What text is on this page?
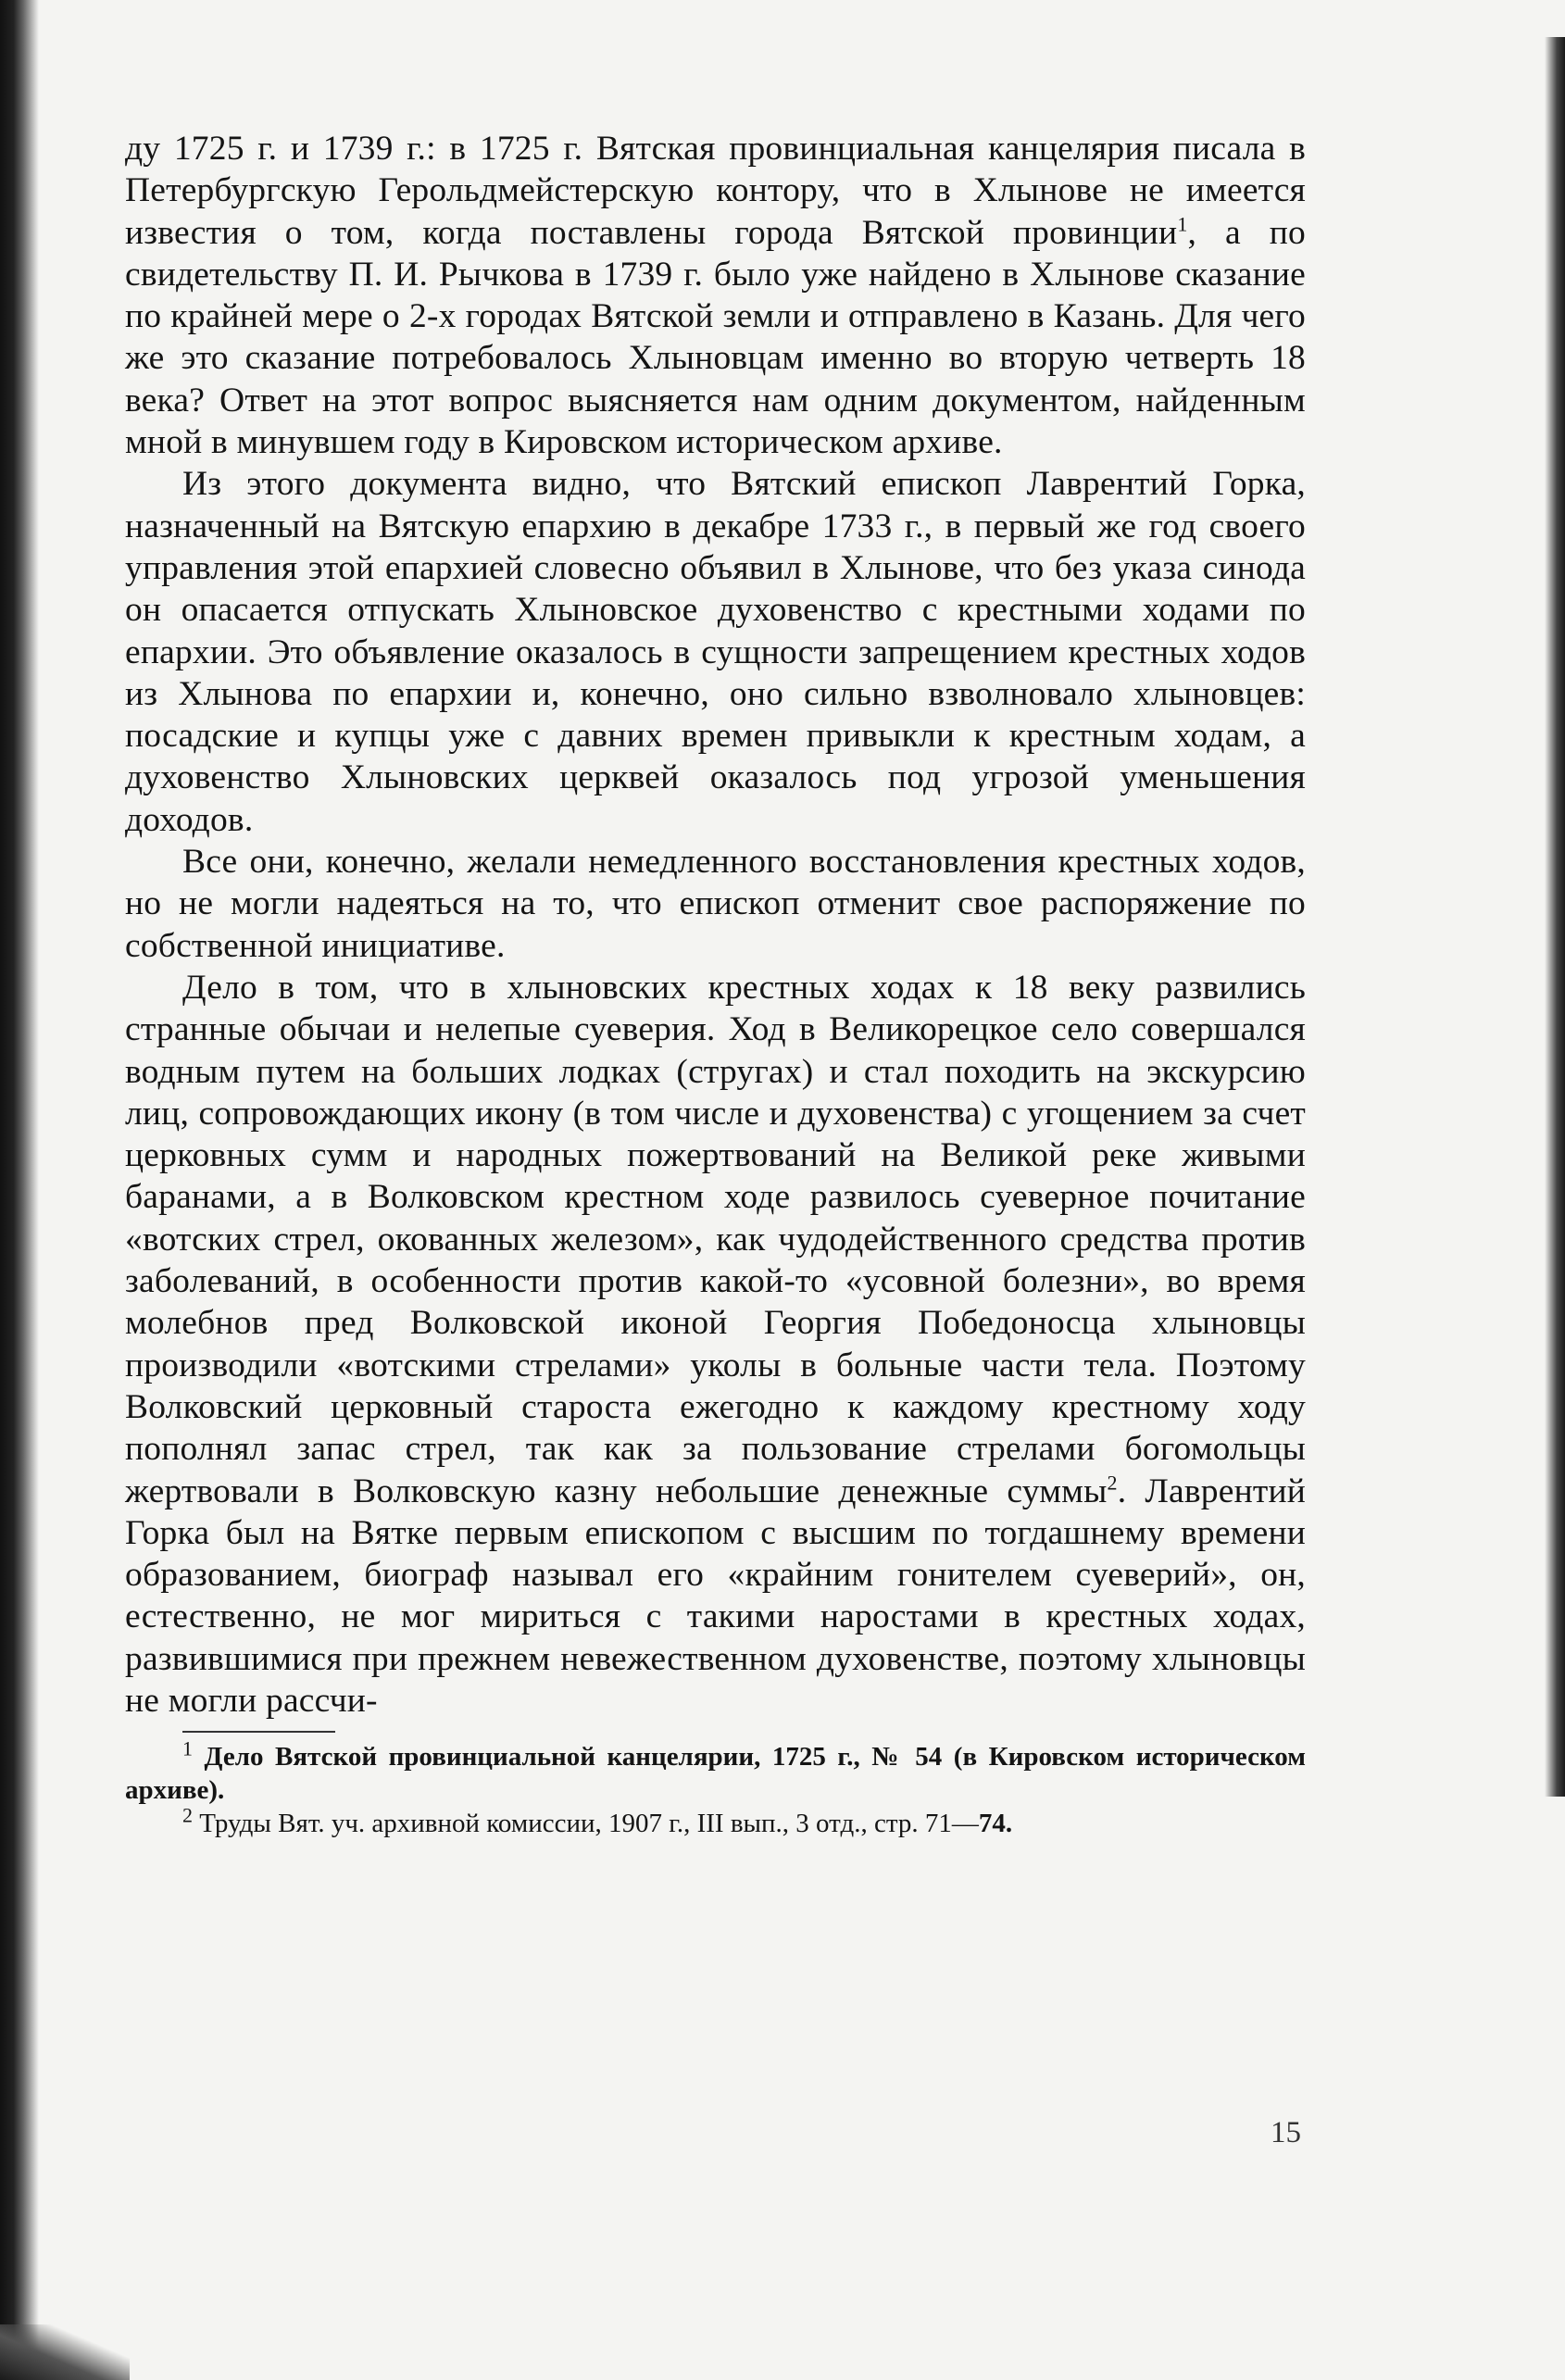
ду 1725 г. и 1739 г.: в 1725 г. Вятская провинциальная канцелярия писала в Петербургскую Герольдмейстерскую контору, что в Хлынове не имеется известия о том, когда поставлены города Вятской провинции$^1$, а по свидетельству П. И. Рычкова в 1739 г. было уже найдено в Хлынове сказание по крайней мере о 2-х городах Вятской земли и отправлено в Казань. Для чего же это сказание потребовалось Хлыновцам именно во вторую четверть 18 века? Ответ на этот вопрос выясняется нам одним документом, найденным мной в минувшем году в Кировском историческом архиве.

Из этого документа видно, что Вятский епископ Лаврентий Горка, назначенный на Вятскую епархию в декабре 1733 г., в первый же год своего управления этой епархией словесно объявил в Хлынове, что без указа синода он опасается отпускать Хлыновское духовенство с крестными ходами по епархии. Это объявление оказалось в сущности запрещением крестных ходов из Хлынова по епархии и, конечно, оно сильно взволновало хлыновцев: посадские и купцы уже с давних времен привыкли к крестным ходам, а духовенство Хлыновских церквей оказалось под угрозой уменьшения доходов.

Все они, конечно, желали немедленного восстановления крестных ходов, но не могли надеяться на то, что епископ отменит свое распоряжение по собственной инициативе.

Дело в том, что в хлыновских крестных ходах к 18 веку развились странные обычаи и нелепые суеверия. Ход в Великорецкое село совершался водным путем на больших лодках (стругах) и стал походить на экскурсию лиц, сопровождающих икону (в том числе и духовенства) с угощением за счет церковных сумм и народных пожертвований на Великой реке живыми баранами, а в Волковском крестном ходе развилось суеверное почитание «вотских стрел, окованных железом», как чудодейственного средства против заболеваний, в особенности против какой-то «усовной болезни», во время молебнов пред Волковской иконой Георгия Победоносца хлыновцы производили «вотскими стрелами» уколы в больные части тела. Поэтому Волковский церковный староста ежегодно к каждому крестному ходу пополнял запас стрел, так как за пользование стрелами богомольцы жертвовали в Волковскую казну небольшие денежные суммы$^2$. Лаврентий Горка был на Вятке первым епископом с высшим по тогдашнему времени образованием, биограф называл его «крайним гонителем суеверий», он, естественно, не мог мириться с такими наростами в крестных ходах, развившимися при прежнем невежественном духовенстве, поэтому хлыновцы не могли рассчи-

$^1$ Дело Вятской провинциальной канцелярии, 1725 г., № 54 (в Кировском историческом архиве).

$^2$ Труды Вят. уч. архивной комиссии, 1907 г., III вып., 3 отд., стр. 71—74.

15
